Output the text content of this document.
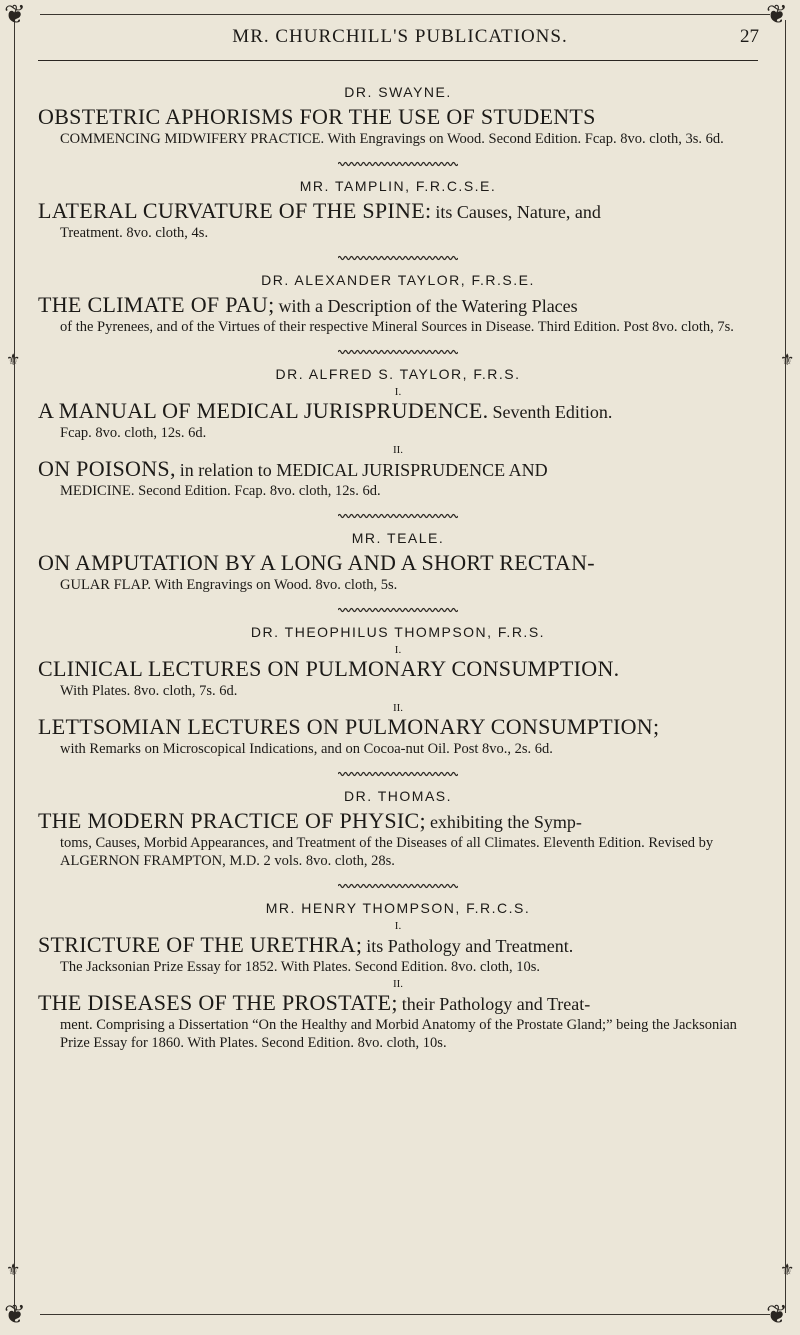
❦	❦
❦	❦
⚜	⚜
⚜	⚜
MR. CHURCHILL'S PUBLICATIONS.	27
DR. SWAYNE.
OBSTETRIC APHORISMS FOR THE USE OF STUDENTS
COMMENCING MIDWIFERY PRACTICE. With Engravings on Wood. Second Edition. Fcap. 8vo. cloth, 3s. 6d.
MR. TAMPLIN, F.R.C.S.E.
LATERAL CURVATURE OF THE SPINE: its Causes, Nature, and
Treatment. 8vo. cloth, 4s.
DR. ALEXANDER TAYLOR, F.R.S.E.
THE CLIMATE OF PAU; with a Description of the Watering Places
of the Pyrenees, and of the Virtues of their respective Mineral Sources in Disease. Third Edition. Post 8vo. cloth, 7s.
DR. ALFRED S. TAYLOR, F.R.S.
I.
A MANUAL OF MEDICAL JURISPRUDENCE. Seventh Edition.
Fcap. 8vo. cloth, 12s. 6d.
II.
ON POISONS, in relation to MEDICAL JURISPRUDENCE AND
MEDICINE. Second Edition. Fcap. 8vo. cloth, 12s. 6d.
MR. TEALE.
ON AMPUTATION BY A LONG AND A SHORT RECTAN-
GULAR FLAP. With Engravings on Wood. 8vo. cloth, 5s.
DR. THEOPHILUS THOMPSON, F.R.S.
I.
CLINICAL LECTURES ON PULMONARY CONSUMPTION.
With Plates. 8vo. cloth, 7s. 6d.
II.
LETTSOMIAN LECTURES ON PULMONARY CONSUMPTION;
with Remarks on Microscopical Indications, and on Cocoa-nut Oil. Post 8vo., 2s. 6d.
DR. THOMAS.
THE MODERN PRACTICE OF PHYSIC; exhibiting the Symp-
toms, Causes, Morbid Appearances, and Treatment of the Diseases of all Climates. Eleventh Edition. Revised by ALGERNON FRAMPTON, M.D. 2 vols. 8vo. cloth, 28s.
MR. HENRY THOMPSON, F.R.C.S.
I.
STRICTURE OF THE URETHRA; its Pathology and Treatment.
The Jacksonian Prize Essay for 1852. With Plates. Second Edition. 8vo. cloth, 10s.
II.
THE DISEASES OF THE PROSTATE; their Pathology and Treat-
ment. Comprising a Dissertation “On the Healthy and Morbid Anatomy of the Prostate Gland;” being the Jacksonian Prize Essay for 1860. With Plates. Second Edition. 8vo. cloth, 10s.
